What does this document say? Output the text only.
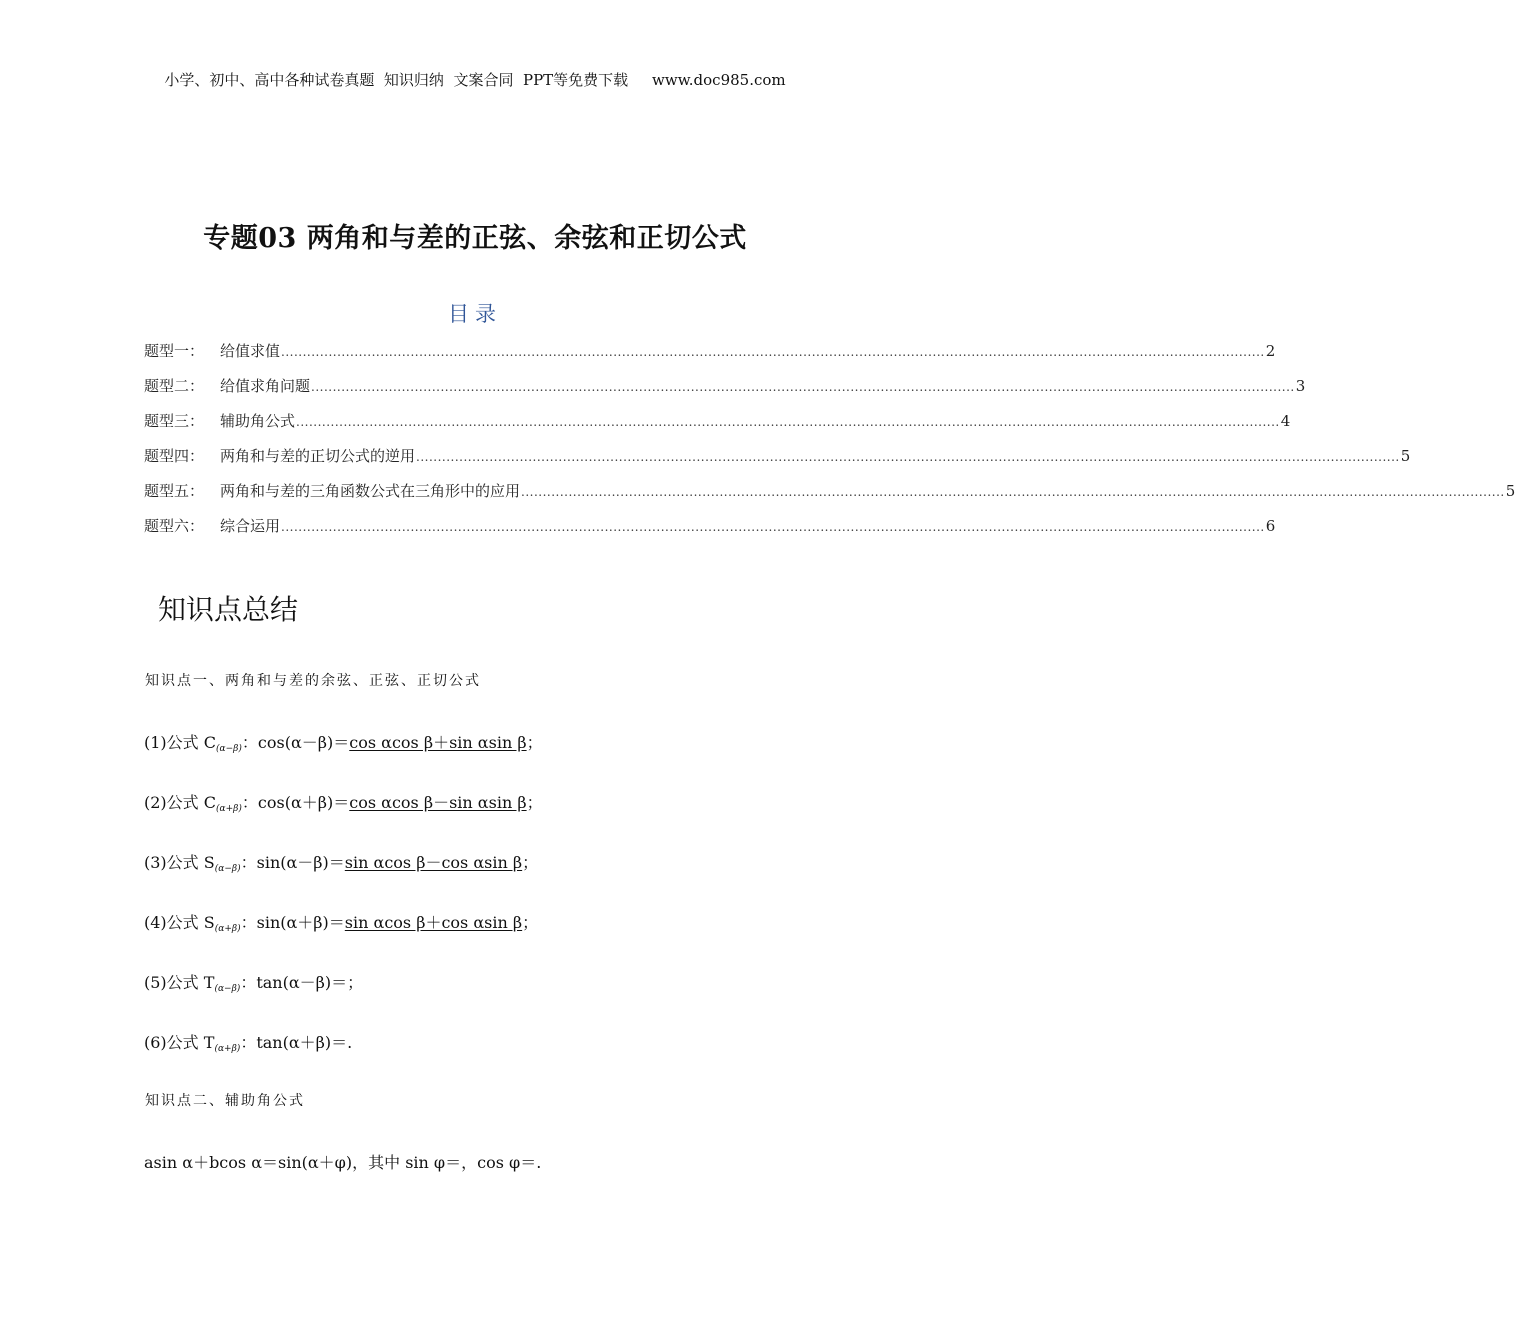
小学、初中、高中各种试卷真题  知识归纳  文案合同  PPT等免费下载 www.doc985.com
专题03 两角和与差的正弦、余弦和正切公式
目录
题型一：	给值求值 .................................................................................................................................................................................................................................... 2
题型二：	给值求角问题 .................................................................................................................................................................................................................................... 3
题型三：	辅助角公式 .................................................................................................................................................................................................................................... 4
题型四：	两角和与差的正切公式的逆用 .................................................................................................................................................................................................................................... 5
题型五：	两角和与差的三角函数公式在三角形中的应用 .................................................................................................................................................................................................................................... 5
题型六：	综合运用 .................................................................................................................................................................................................................................... 6
知识点总结
知识点一、两角和与差的余弦、正弦、正切公式
(1)公式 $C_{(\alpha-\beta)}$：cos(α－β)＝cos αcos β＋sin αsin β；
(2)公式 $C_{(\alpha+\beta)}$：cos(α＋β)＝cos αcos β－sin αsin β；
(3)公式 $S_{(\alpha-\beta)}$：sin(α－β)＝sin αcos β－cos αsin β；
(4)公式 $S_{(\alpha+\beta)}$：sin(α＋β)＝sin αcos β＋cos αsin β；
(5)公式 $T_{(\alpha-\beta)}$：tan(α－β)＝；
(6)公式 $T_{(\alpha+\beta)}$：tan(α＋β)＝.
知识点二、辅助角公式
asin α＋bcos α＝sin(α＋φ)，其中 sin φ＝，cos φ＝.
